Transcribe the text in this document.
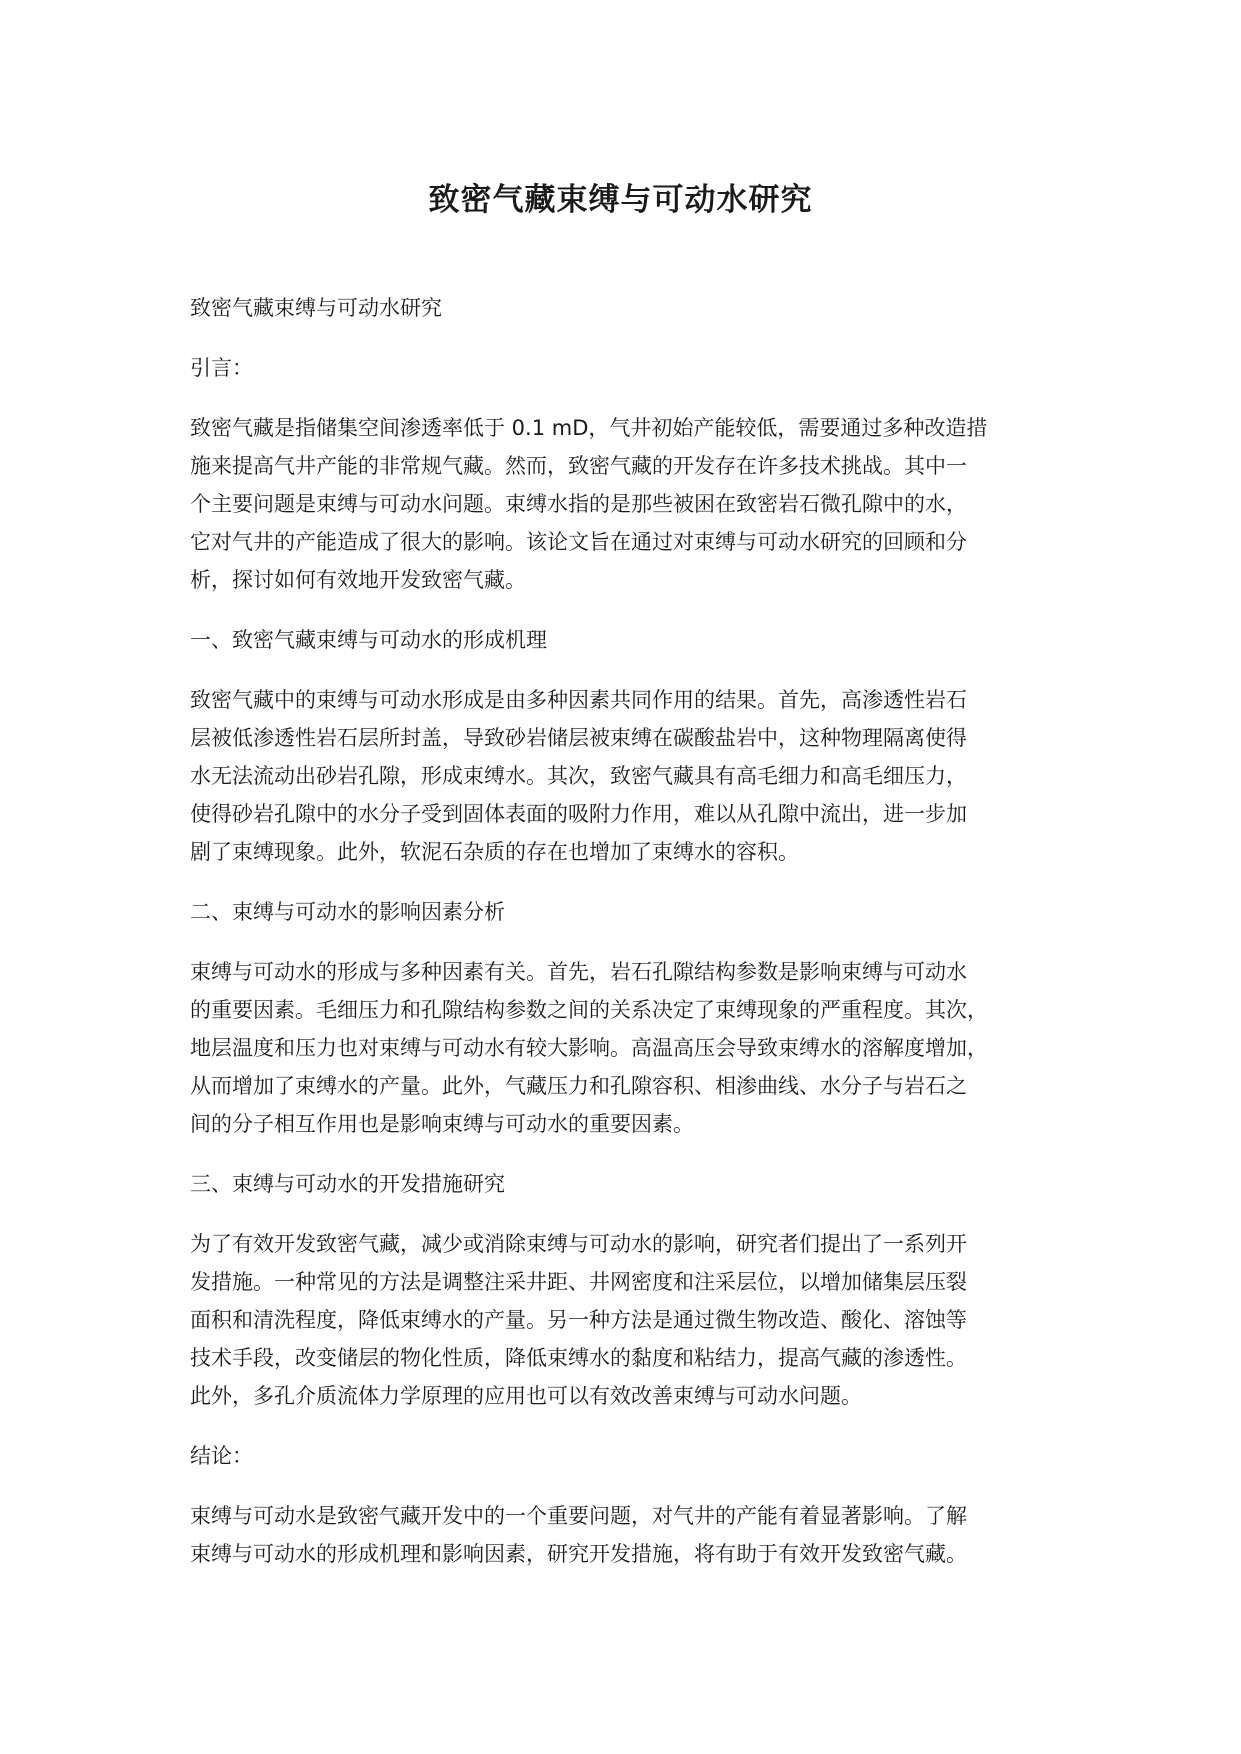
致密气藏束缚与可动水研究

致密气藏束缚与可动水研究

引言：

致密气藏是指储集空间渗透率低于 0.1 mD，气井初始产能较低，需要通过多种改造措
施来提高气井产能的非常规气藏。然而，致密气藏的开发存在许多技术挑战。其中一
个主要问题是束缚与可动水问题。束缚水指的是那些被困在致密岩石微孔隙中的水，
它对气井的产能造成了很大的影响。该论文旨在通过对束缚与可动水研究的回顾和分
析，探讨如何有效地开发致密气藏。

一、致密气藏束缚与可动水的形成机理

致密气藏中的束缚与可动水形成是由多种因素共同作用的结果。首先，高渗透性岩石
层被低渗透性岩石层所封盖，导致砂岩储层被束缚在碳酸盐岩中，这种物理隔离使得
水无法流动出砂岩孔隙，形成束缚水。其次，致密气藏具有高毛细力和高毛细压力，
使得砂岩孔隙中的水分子受到固体表面的吸附力作用，难以从孔隙中流出，进一步加
剧了束缚现象。此外，软泥石杂质的存在也增加了束缚水的容积。

二、束缚与可动水的影响因素分析

束缚与可动水的形成与多种因素有关。首先，岩石孔隙结构参数是影响束缚与可动水
的重要因素。毛细压力和孔隙结构参数之间的关系决定了束缚现象的严重程度。其次，
地层温度和压力也对束缚与可动水有较大影响。高温高压会导致束缚水的溶解度增加，
从而增加了束缚水的产量。此外，气藏压力和孔隙容积、相渗曲线、水分子与岩石之
间的分子相互作用也是影响束缚与可动水的重要因素。

三、束缚与可动水的开发措施研究

为了有效开发致密气藏，减少或消除束缚与可动水的影响，研究者们提出了一系列开
发措施。一种常见的方法是调整注采井距、井网密度和注采层位，以增加储集层压裂
面积和清洗程度，降低束缚水的产量。另一种方法是通过微生物改造、酸化、溶蚀等
技术手段，改变储层的物化性质，降低束缚水的黏度和粘结力，提高气藏的渗透性。
此外，多孔介质流体力学原理的应用也可以有效改善束缚与可动水问题。

结论：

束缚与可动水是致密气藏开发中的一个重要问题，对气井的产能有着显著影响。了解
束缚与可动水的形成机理和影响因素，研究开发措施，将有助于有效开发致密气藏。
